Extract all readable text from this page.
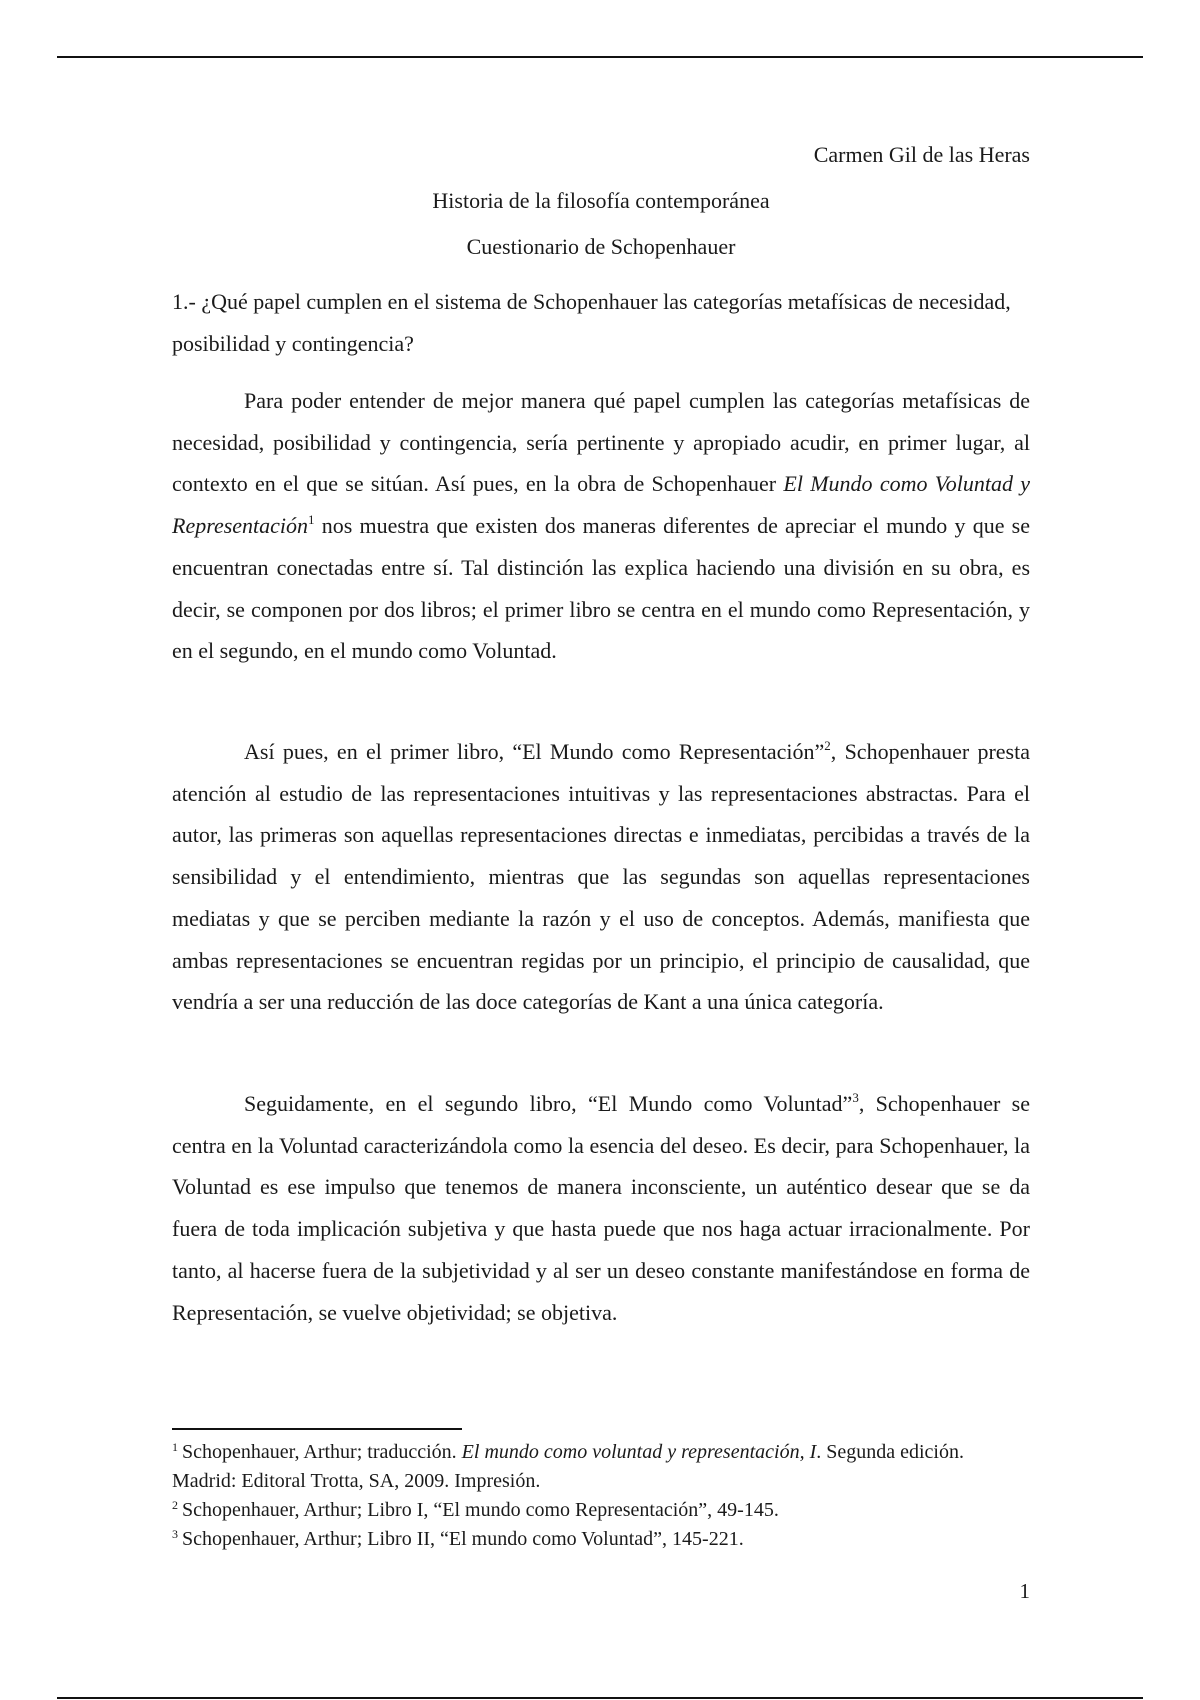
Carmen Gil de las Heras
Historia de la filosofía contemporánea
Cuestionario de Schopenhauer

1.- ¿Qué papel cumplen en el sistema de Schopenhauer las categorías metafísicas de necesidad, posibilidad y contingencia?

Para poder entender de mejor manera qué papel cumplen las categorías metafísicas de necesidad, posibilidad y contingencia, sería pertinente y apropiado acudir, en primer lugar, al contexto en el que se sitúan. Así pues, en la obra de Schopenhauer El Mundo como Voluntad y Representación$^1$ nos muestra que existen dos maneras diferentes de apreciar el mundo y que se encuentran conectadas entre sí. Tal distinción las explica haciendo una división en su obra, es decir, se componen por dos libros; el primer libro se centra en el mundo como Representación, y en el segundo, en el mundo como Voluntad.

Así pues, en el primer libro, “El Mundo como Representación”$^2$, Schopenhauer presta atención al estudio de las representaciones intuitivas y las representaciones abstractas. Para el autor, las primeras son aquellas representaciones directas e inmediatas, percibidas a través de la sensibilidad y el entendimiento, mientras que las segundas son aquellas representaciones mediatas y que se perciben mediante la razón y el uso de conceptos. Además, manifiesta que ambas representaciones se encuentran regidas por un principio, el principio de causalidad, que vendría a ser una reducción de las doce categorías de Kant a una única categoría.

Seguidamente, en el segundo libro, “El Mundo como Voluntad”$^3$, Schopenhauer se centra en la Voluntad caracterizándola como la esencia del deseo. Es decir, para Schopenhauer, la Voluntad es ese impulso que tenemos de manera inconsciente, un auténtico desear que se da fuera de toda implicación subjetiva y que hasta puede que nos haga actuar irracionalmente. Por tanto, al hacerse fuera de la subjetividad y al ser un deseo constante manifestándose en forma de Representación, se vuelve objetividad; se objetiva.

$^1$ Schopenhauer, Arthur; traducción. El mundo como voluntad y representación, I. Segunda edición. Madrid: Editoral Trotta, SA, 2009. Impresión.
$^2$ Schopenhauer, Arthur; Libro I, “El mundo como Representación”, 49-145.
$^3$ Schopenhauer, Arthur; Libro II, “El mundo como Voluntad”, 145-221.
1
